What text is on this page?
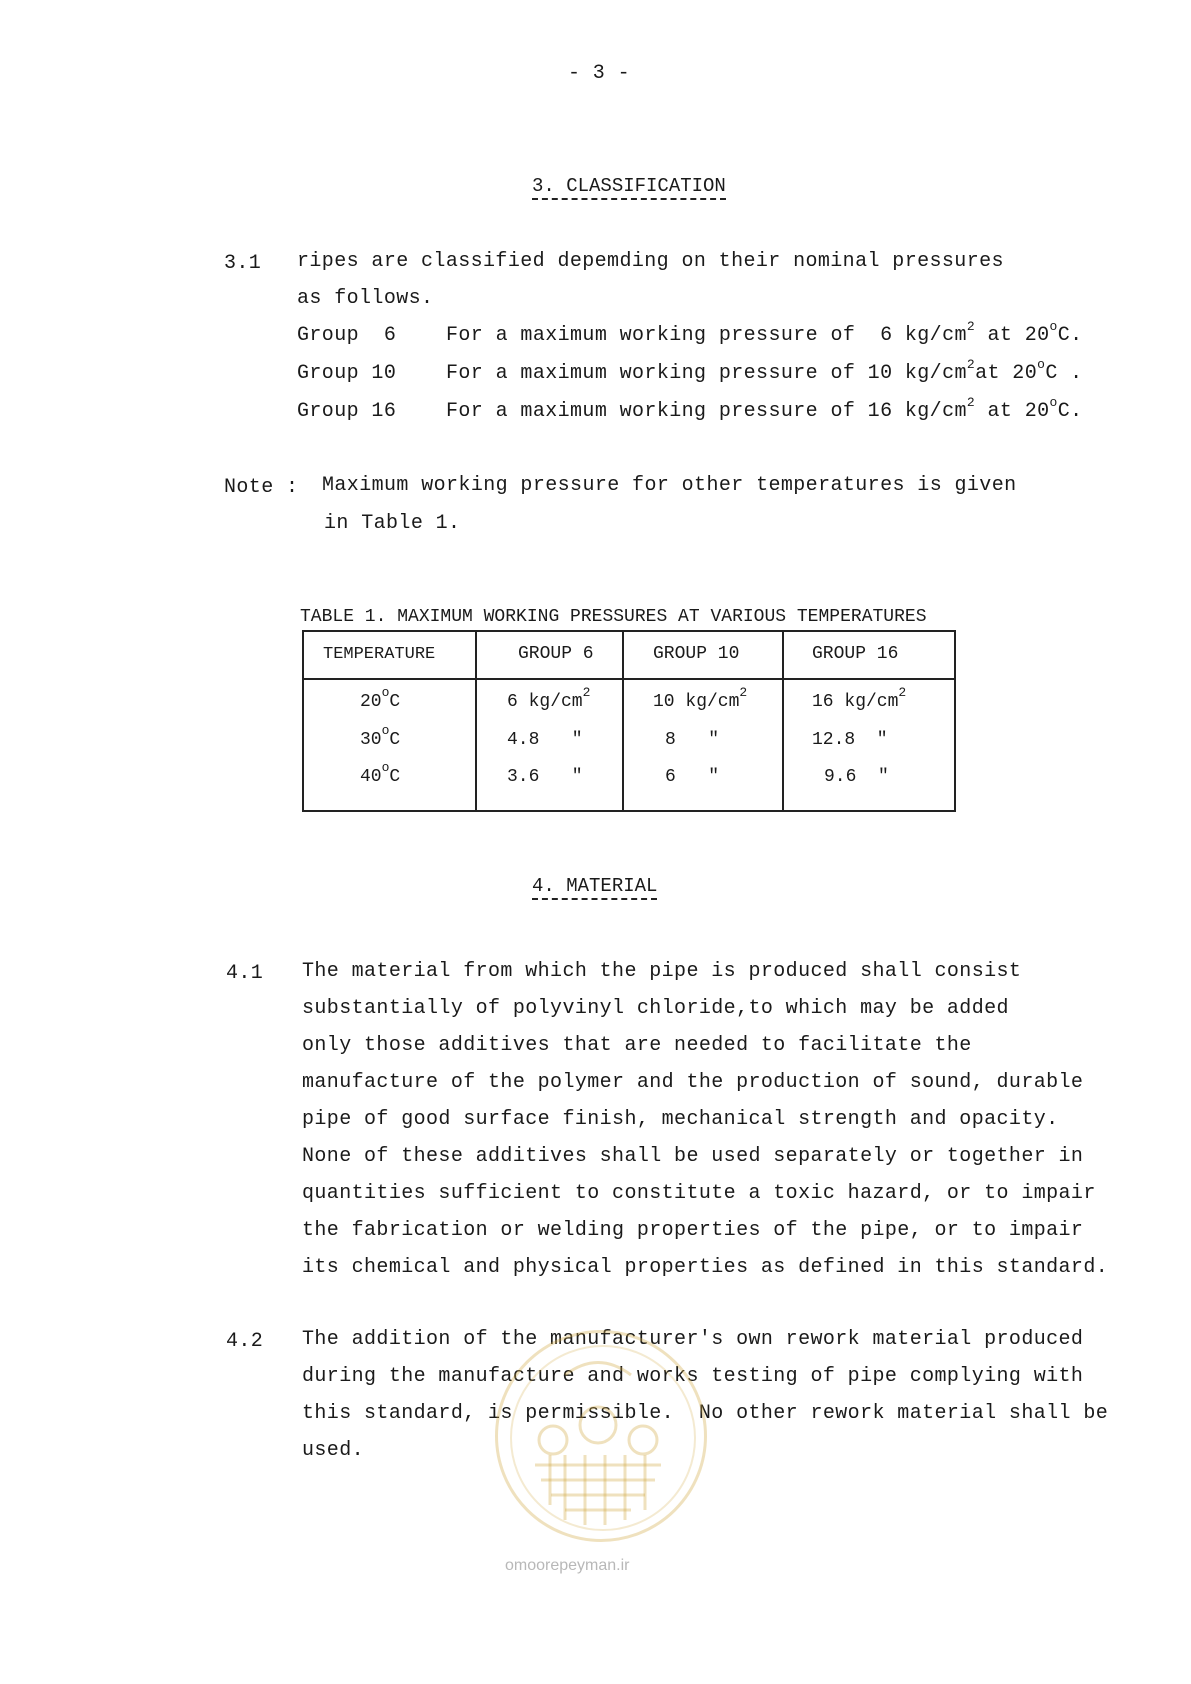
- 3 -
3. CLASSIFICATION
3.1 ripes are classified depemding on their nominal pressures
as follows.
Group  6 For a maximum working pressure of  6 $kg/cm^2$ at 20$^o$C.
Group 10 For a maximum working pressure of 10 $kg/cm^2at$ 20$^o$C .
Group 16 For a maximum working pressure of 16 $kg/cm^2$ at 20$^o$C.
Note : Maximum working pressure for other temperatures is given
in Table 1.
TABLE 1. MAXIMUM WORKING PRESSURES AT VARIOUS TEMPERATURES
TEMPERATURE	GROUP 6	GROUP 10	GROUP 16
20$^o$C	6 $kg/cm^2$	10 $kg/cm^2$	16 $kg/cm^2$
30$^o$C	4.8   "	8   "	12.8  "
40$^o$C	3.6   "	6   "	9.6  "
4. MATERIAL
4.1 The material from which the pipe is produced shall consist
substantially of polyvinyl chloride,to which may be added
only those additives that are needed to facilitate the
manufacture of the polymer and the production of sound, durable
pipe of good surface finish, mechanical strength and opacity.
None of these additives shall be used separately or together in
quantities sufficient to constitute a toxic hazard, or to impair
the fabrication or welding properties of the pipe, or to impair
its chemical and physical properties as defined in this standard.
4.2 The addition of the manufacturer's own rework material produced
during the manufacture and works testing of pipe complying with
this standard, is permissible.  No other rework material shall be
used.
omoorepeyman.ir
